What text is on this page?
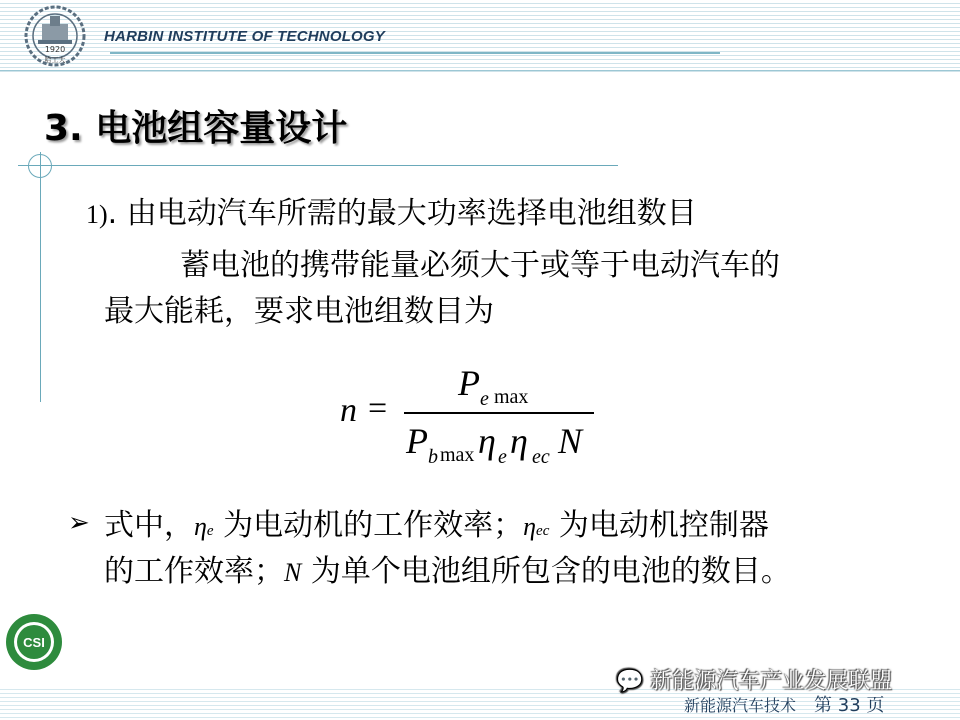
1920
哈工大
HARBIN INSTITUTE OF TECHNOLOGY
3. 电池组容量设计
1). 由电动汽车所需的最大功率选择电池组数目
蓄电池的携带能量必须大于或等于电动汽车的
最大能耗，要求电池组数目为
n =
P e max
P b max η e η ec N
➢ 式中，ηe 为电动机的工作效率；ηec 为电动机控制器
的工作效率；N 为单个电池组所包含的电池的数目。
CSI
💬 新能源汽车产业发展联盟
新能源汽车技术 第 33 页
